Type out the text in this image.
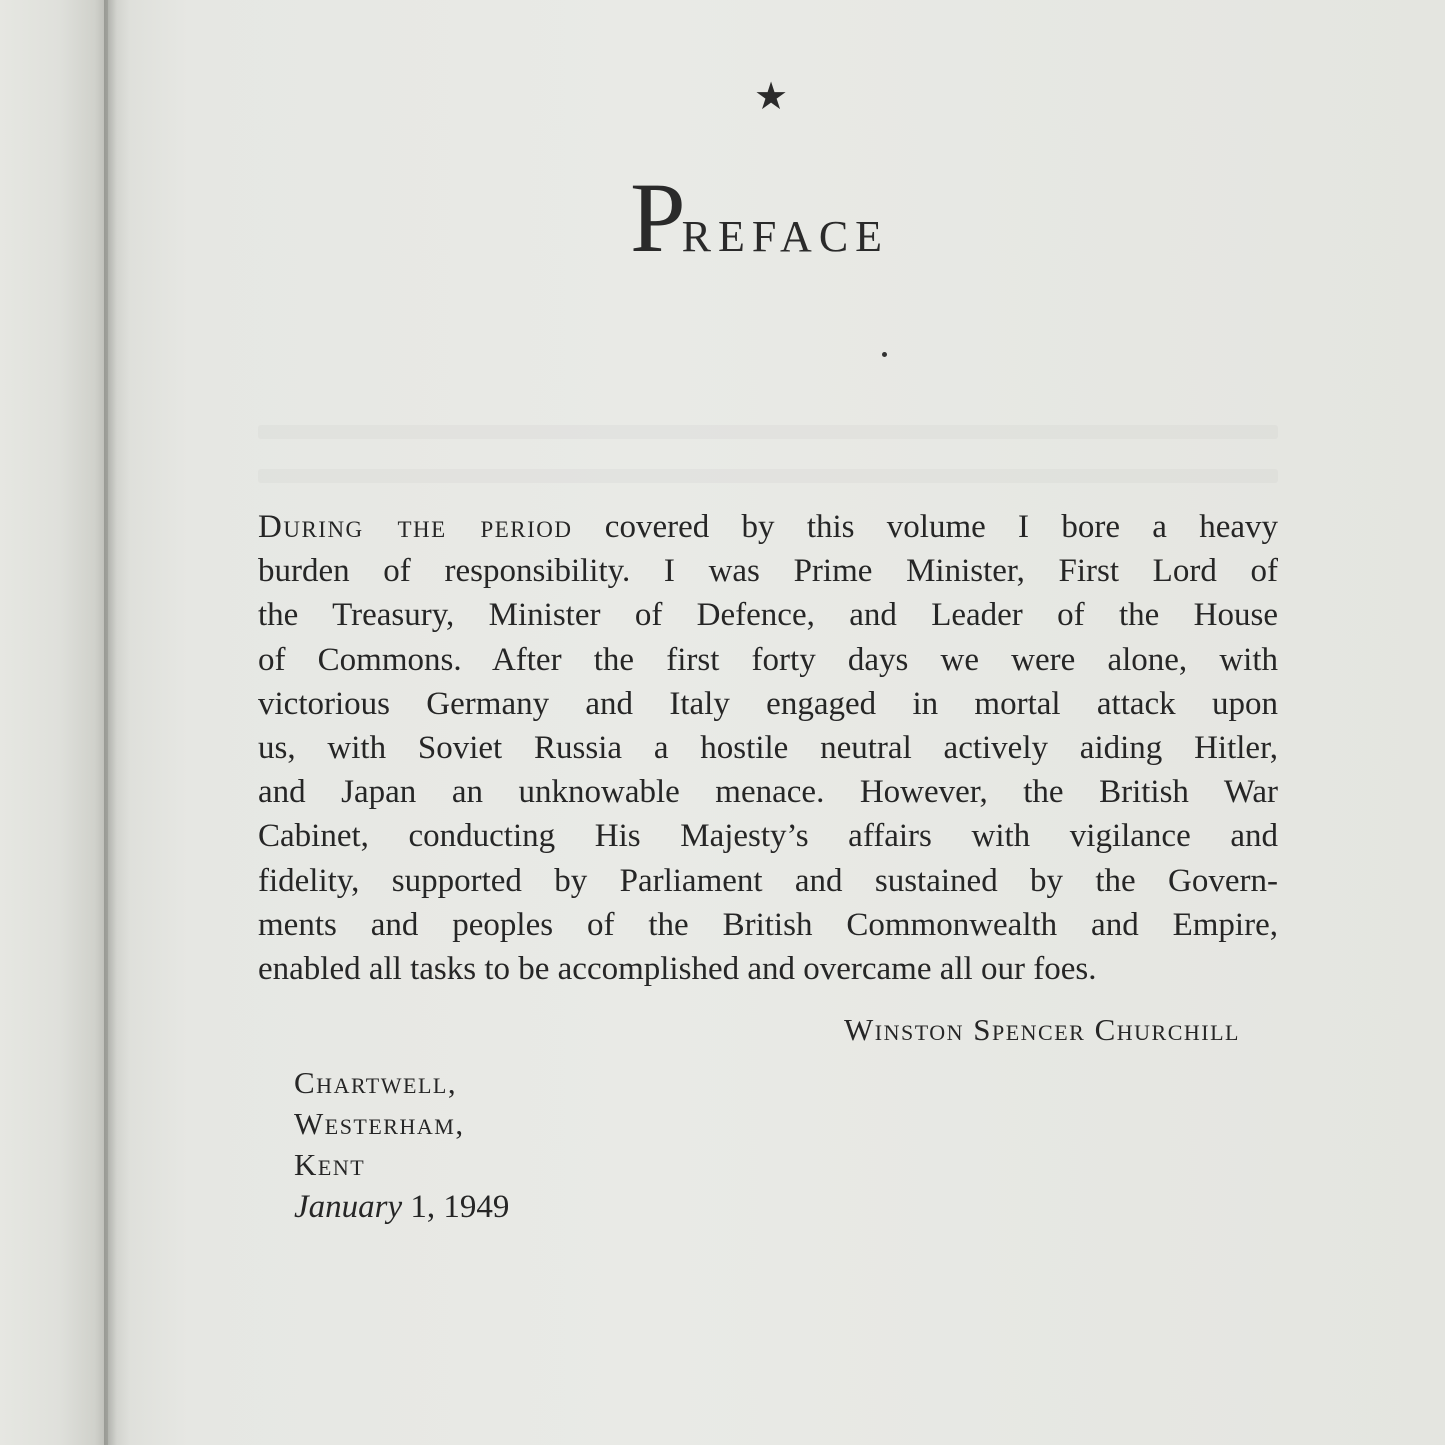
★
PREFACE
During the period covered by this volume I bore a heavy
burden of responsibility. I was Prime Minister, First Lord of
the Treasury, Minister of Defence, and Leader of the House
of Commons. After the first forty days we were alone, with
victorious Germany and Italy engaged in mortal attack upon
us, with Soviet Russia a hostile neutral actively aiding Hitler,
and Japan an unknowable menace. However, the British War
Cabinet, conducting His Majesty’s affairs with vigilance and
fidelity, supported by Parliament and sustained by the Govern-
ments and peoples of the British Commonwealth and Empire,
enabled all tasks to be accomplished and overcame all our foes.
Winston Spencer Churchill
Chartwell,
Westerham,
Kent
January 1, 1949
